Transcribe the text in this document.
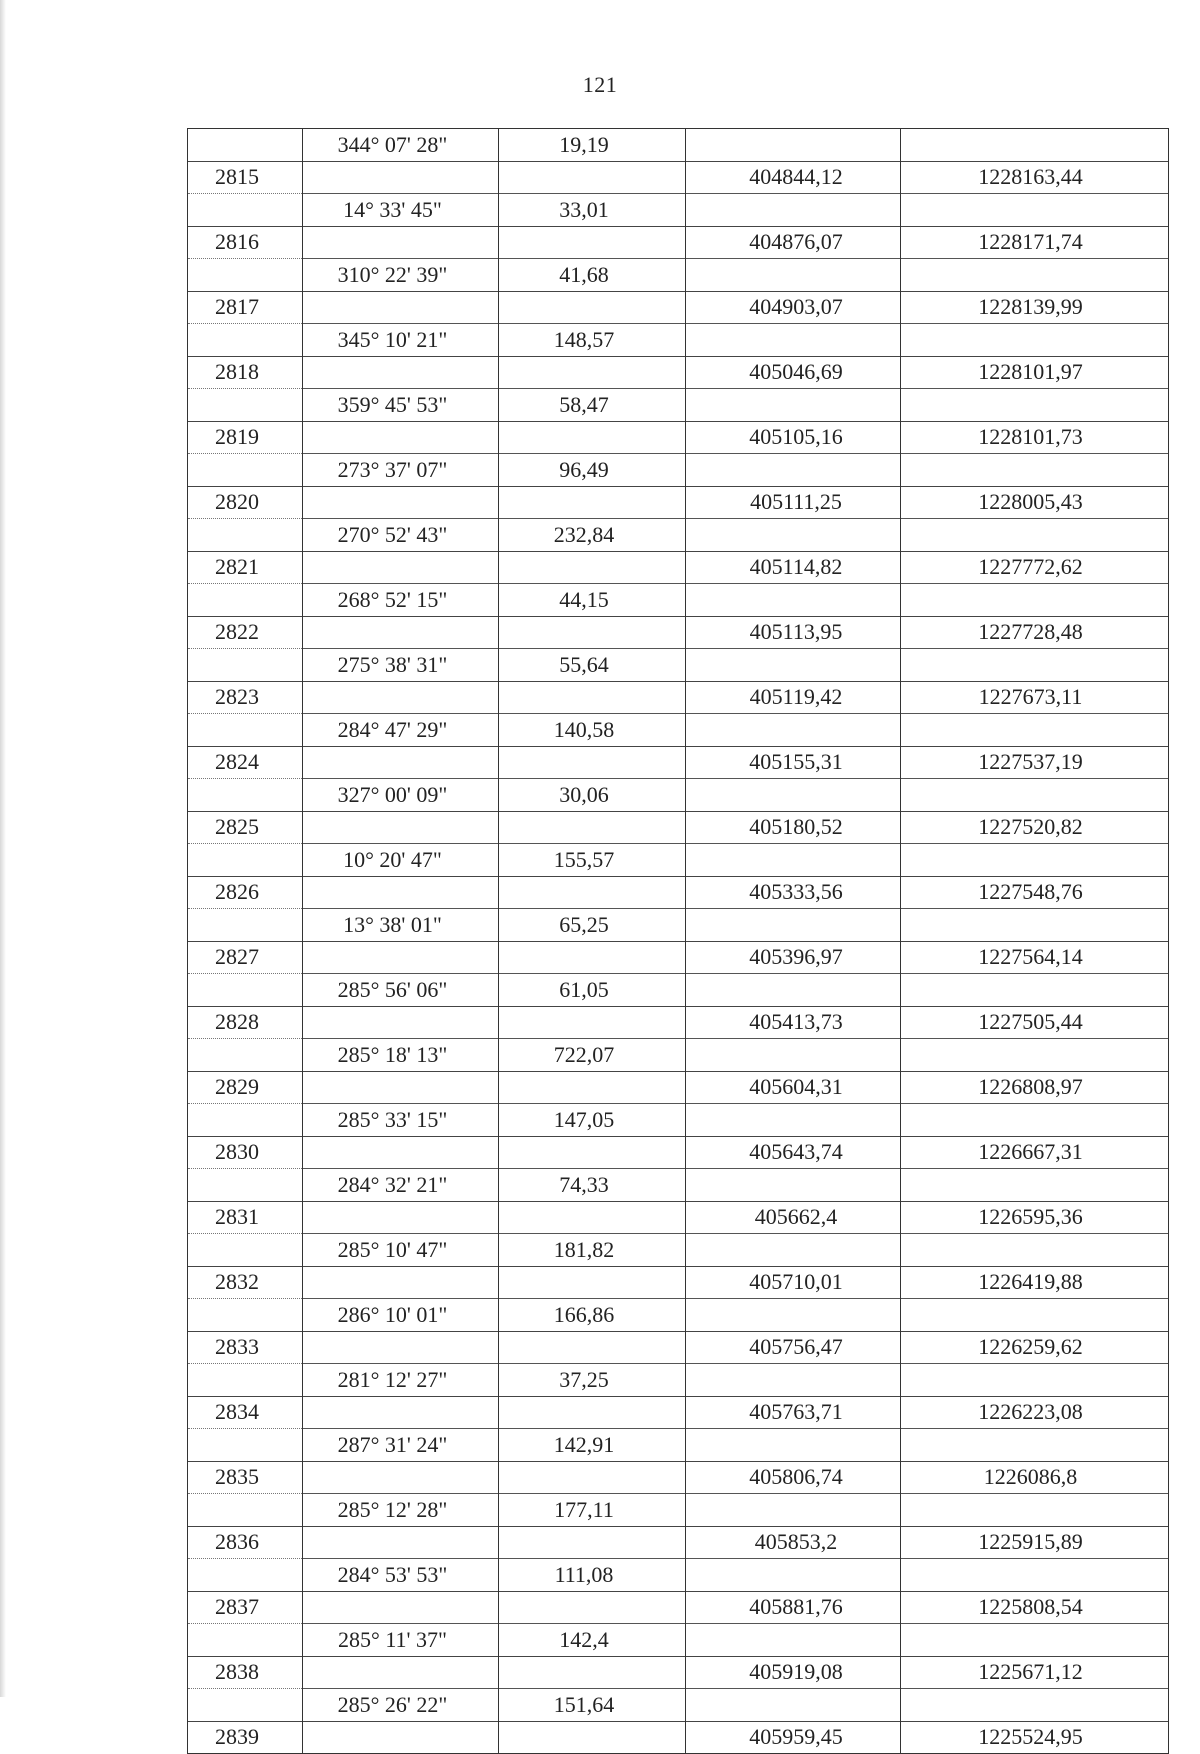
121
	344° 07' 28"	19,19		
2815			404844,12	1228163,44
	14° 33' 45"	33,01		
2816			404876,07	1228171,74
	310° 22' 39"	41,68		
2817			404903,07	1228139,99
	345° 10' 21"	148,57		
2818			405046,69	1228101,97
	359° 45' 53"	58,47		
2819			405105,16	1228101,73
	273° 37' 07"	96,49		
2820			405111,25	1228005,43
	270° 52' 43"	232,84		
2821			405114,82	1227772,62
	268° 52' 15"	44,15		
2822			405113,95	1227728,48
	275° 38' 31"	55,64		
2823			405119,42	1227673,11
	284° 47' 29"	140,58		
2824			405155,31	1227537,19
	327° 00' 09"	30,06		
2825			405180,52	1227520,82
	10° 20' 47"	155,57		
2826			405333,56	1227548,76
	13° 38' 01"	65,25		
2827			405396,97	1227564,14
	285° 56' 06"	61,05		
2828			405413,73	1227505,44
	285° 18' 13"	722,07		
2829			405604,31	1226808,97
	285° 33' 15"	147,05		
2830			405643,74	1226667,31
	284° 32' 21"	74,33		
2831			405662,4	1226595,36
	285° 10' 47"	181,82		
2832			405710,01	1226419,88
	286° 10' 01"	166,86		
2833			405756,47	1226259,62
	281° 12' 27"	37,25		
2834			405763,71	1226223,08
	287° 31' 24"	142,91		
2835			405806,74	1226086,8
	285° 12' 28"	177,11		
2836			405853,2	1225915,89
	284° 53' 53"	111,08		
2837			405881,76	1225808,54
	285° 11' 37"	142,4		
2838			405919,08	1225671,12
	285° 26' 22"	151,64		
2839			405959,45	1225524,95
